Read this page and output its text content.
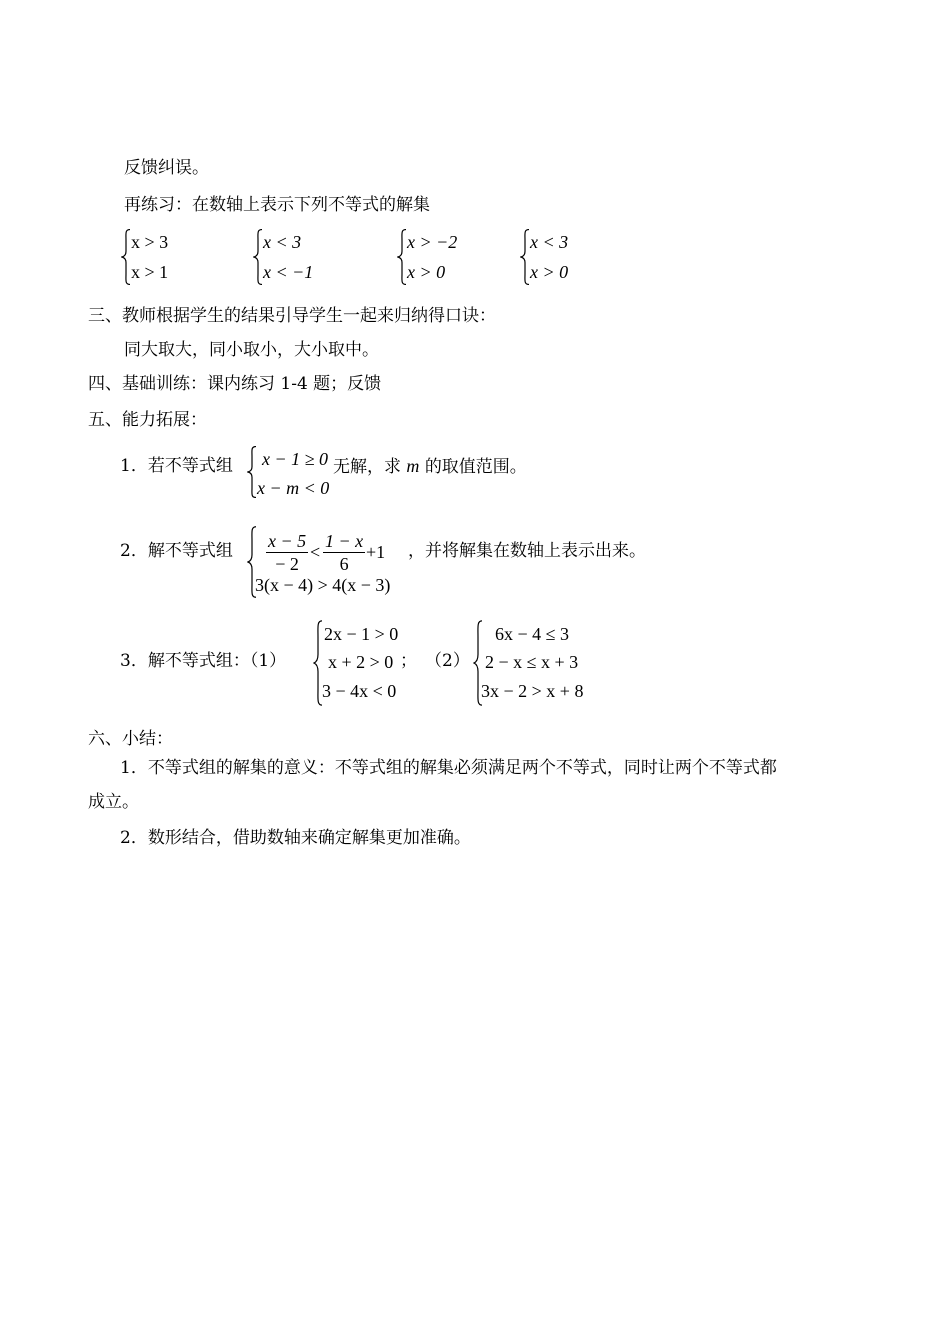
反馈纠误。
再练习：在数轴上表示下列不等式的解集
x > 3
x > 1
x < 3
x < −1
x > −2
x > 0
x < 3
x > 0
三、教师根据学生的结果引导学生一起来归纳得口诀：
同大取大，同小取小，大小取中。
四、基础训练：课内练习 1-4 题；反馈
五、能力拓展：
1．若不等式组 x − 1 ≥ 0
x − m < 0
无解，求 m 的取值范围。
2．解不等式组 $\frac{x - 5}{- 2} < \frac{1 - x}{6} +1$
3(x − 4) > 4(x − 3)
，并将解集在数轴上表示出来。
3．解不等式组：（1）
2x − 1 > 0
x + 2 > 0
3 − 4x < 0
； （2）
6x − 4 ≤ 3
2 − x ≤ x + 3
3x − 2 > x + 8
六、小结：
1．不等式组的解集的意义：不等式组的解集必须满足两个不等式，同时让两个不等式都
成立。
2．数形结合，借助数轴来确定解集更加准确。
